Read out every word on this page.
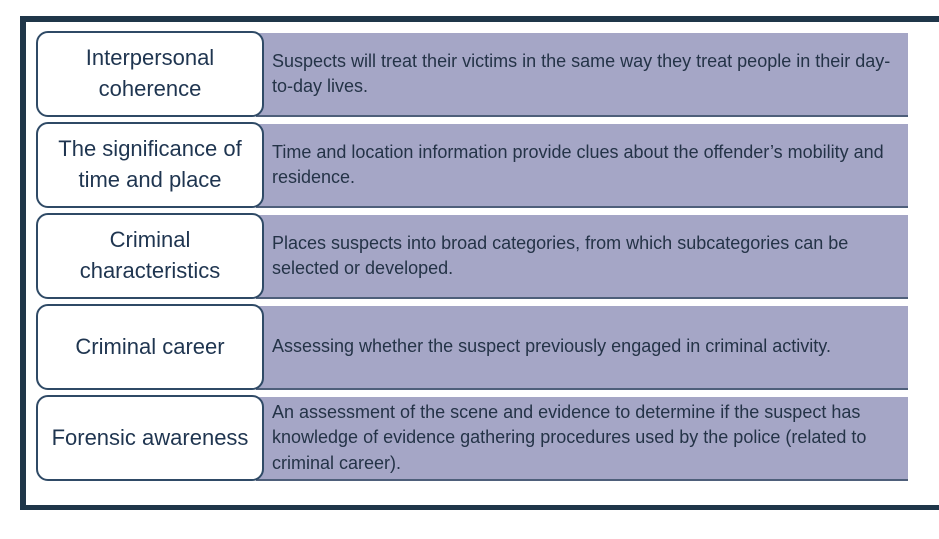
Suspects will treat their victims in the same way they treat people in their day-to-day lives.
Interpersonal coherence
Time and location information provide clues about the offender’s mobility and residence.
The significance of time and place
Places suspects into broad categories, from which subcategories can be selected or developed.
Criminal characteristics
Assessing whether the suspect previously engaged in criminal activity.
Criminal career
An assessment of the scene and evidence to determine if the suspect has knowledge of evidence gathering procedures used by the police (related to criminal career).
Forensic awareness
